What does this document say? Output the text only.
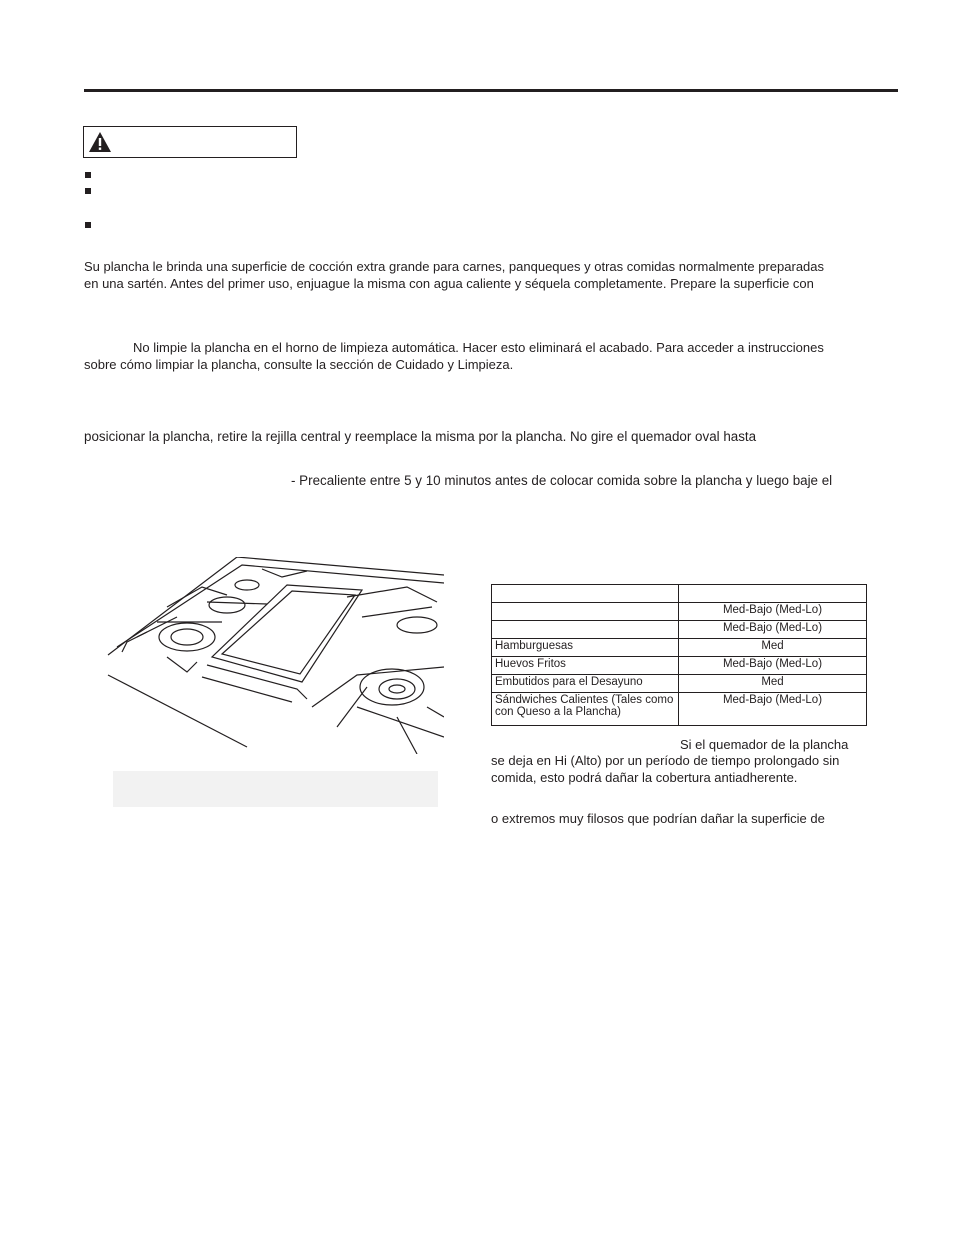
Su plancha le brinda una superficie de cocción extra grande para carnes, panqueques y otras comidas normalmente preparadas

en una sartén. Antes del primer uso, enjuague la misma con agua caliente y séquela completamente. Prepare la superficie con

No limpie la plancha en el horno de limpieza automática. Hacer esto eliminará el acabado. Para acceder a instrucciones

sobre cómo limpiar la plancha, consulte la sección de Cuidado y Limpieza.

posicionar la plancha, retire la rejilla central y reemplace la misma por la plancha. No gire el quemador oval hasta

- Precaliente entre 5 y 10 minutos antes de colocar comida sobre la plancha y luego baje el

	Med-Bajo (Med-Lo)
	Med-Bajo (Med-Lo)
Hamburguesas	Med
Huevos Fritos	Med-Bajo (Med-Lo)
Embutidos para el Desayuno	Med
Sándwiches Calientes (Tales como con Queso a la Plancha)	Med-Bajo (Med-Lo)
Si el quemador de la plancha
se deja en Hi (Alto) por un período de tiempo prolongado sin
comida, esto podrá dañar la cobertura antiadherente.
o extremos muy filosos que podrían dañar la superficie de
